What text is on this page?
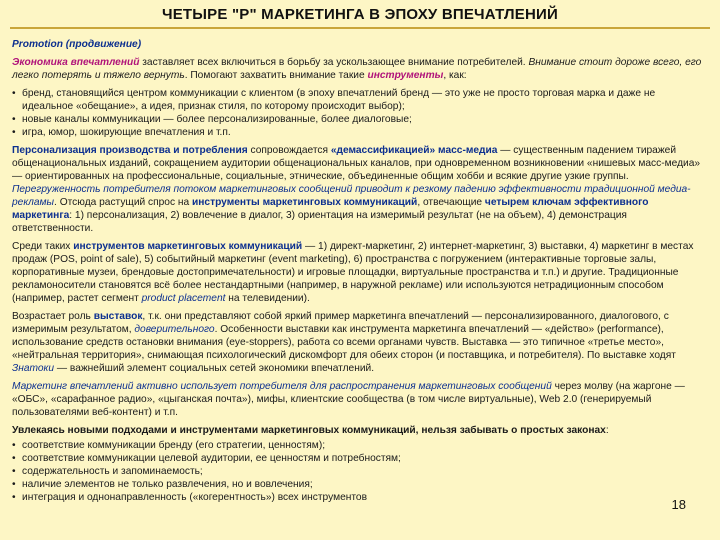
ЧЕТЫРЕ "Р" МАРКЕТИНГА В ЭПОХУ ВПЕЧАТЛЕНИЙ

Promotion (продвижение)

Экономика впечатлений заставляет всех включиться в борьбу за ускользающее внимание потребителей. Внимание стоит дороже всего, его легко потерять и тяжело вернуть. Помогают захватить внимание такие инструменты, как:

• бренд, становящийся центром коммуникации с клиентом (в эпоху впечатлений бренд — это уже не просто торговая марка и даже не идеальное «обещание», а идея, признак стиля, по которому происходит выбор);
• новые каналы коммуникации — более персонализированные, более диалоговые;
• игра, юмор, шокирующие впечатления и т.п.

Персонализация производства и потребления сопровождается «демассификацией» масс-медиа — существенным падением тиражей общенациональных изданий, сокращением аудитории общенациональных каналов, при одновременном возникновении «нишевых масс-медиа» — ориентированных на профессиональные, социальные, этнические, объединенные общим хобби и всякие другие узкие группы. Перегруженность потребителя потоком маркетинговых сообщений приводит к резкому падению эффективности традиционной медиа-рекламы. Отсюда растущий спрос на инструменты маркетинговых коммуникаций, отвечающие четырем ключам эффективного маркетинга: 1) персонализация, 2) вовлечение в диалог, 3) ориентация на измеримый результат (не на объем), 4) демонстрация ответственности.

Среди таких инструментов маркетинговых коммуникаций — 1) директ-маркетинг, 2) интернет-маркетинг, 3) выставки, 4) маркетинг в местах продаж (POS, point of sale), 5) событийный маркетинг (event marketing), 6) пространства с погружением (интерактивные торговые залы, корпоративные музеи, брендовые достопримечательности) и игровые площадки, виртуальные пространства и т.п.) и другие. Традиционные рекламоносители становятся всё более нестандартными (например, в наружной рекламе) или используются нетрадиционным способом (например, растет сегмент product placement на телевидении).

Возрастает роль выставок, т.к. они представляют собой яркий пример маркетинга впечатлений — персонализированного, диалогового, с измеримым результатом, доверительного. Особенности выставки как инструмента маркетинга впечатлений — «действо» (performance), использование средств остановки внимания (eye-stoppers), работа со всеми органами чувств. Выставка — это типичное «третье место», «нейтральная территория», снимающая психологический дискомфорт для обеих сторон (и поставщика, и потребителя). По выставке ходят Знатоки — важнейший элемент социальных сетей экономики впечатлений.

Маркетинг впечатлений активно использует потребителя для распространения маркетинговых сообщений через молву (на жаргоне — «ОБС», «сарафанное радио», «цыганская почта»), мифы, клиентские сообщества (в том числе виртуальные), Web 2.0 (генерируемый пользователями веб-контент) и т.п.

Увлекаясь новыми подходами и инструментами маркетинговых коммуникаций, нельзя забывать о простых законах:

• соответствие коммуникации бренду (его стратегии, ценностям);
• соответствие коммуникации целевой аудитории, ее ценностям и потребностям;
• содержательность и запоминаемость;
• наличие элементов не только развлечения, но и вовлечения;
• интеграция и однонаправленность («когерентность») всех инструментов	18
